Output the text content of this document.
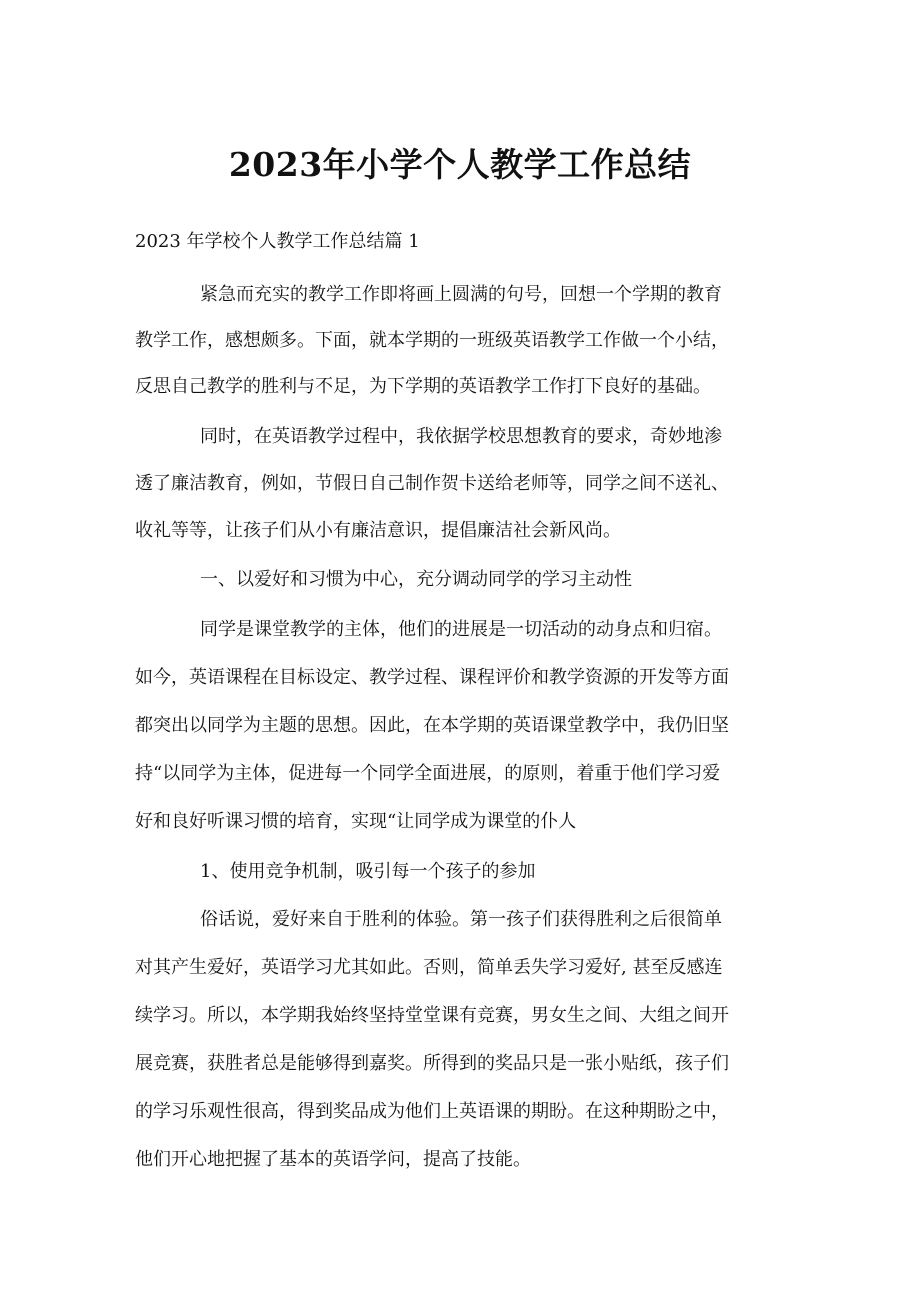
2023年小学个人教学工作总结
2023 年学校个人教学工作总结篇 1
紧急而充实的教学工作即将画上圆满的句号，回想一个学期的教育
教学工作，感想颇多。下面，就本学期的一班级英语教学工作做一个小结，
反思自己教学的胜利与不足，为下学期的英语教学工作打下良好的基础。
同时，在英语教学过程中，我依据学校思想教育的要求，奇妙地渗
透了廉洁教育，例如，节假日自己制作贺卡送给老师等，同学之间不送礼、
收礼等等，让孩子们从小有廉洁意识，提倡廉洁社会新风尚。
一、以爱好和习惯为中心，充分调动同学的学习主动性
同学是课堂教学的主体，他们的进展是一切活动的动身点和归宿。
如今，英语课程在目标设定、教学过程、课程评价和教学资源的开发等方面
都突出以同学为主题的思想。因此，在本学期的英语课堂教学中，我仍旧坚
持“以同学为主体，促进每一个同学全面进展，的原则，着重于他们学习爱
好和良好听课习惯的培育，实现“让同学成为课堂的仆人
1、使用竞争机制，吸引每一个孩子的参加
俗话说，爱好来自于胜利的体验。第一孩子们获得胜利之后很简单
对其产生爱好，英语学习尤其如此。否则，简单丢失学习爱好, 甚至反感连
续学习。所以，本学期我始终坚持堂堂课有竞赛，男女生之间、大组之间开
展竞赛，获胜者总是能够得到嘉奖。所得到的奖品只是一张小贴纸，孩子们
的学习乐观性很高，得到奖品成为他们上英语课的期盼。在这种期盼之中，
他们开心地把握了基本的英语学问，提高了技能。
